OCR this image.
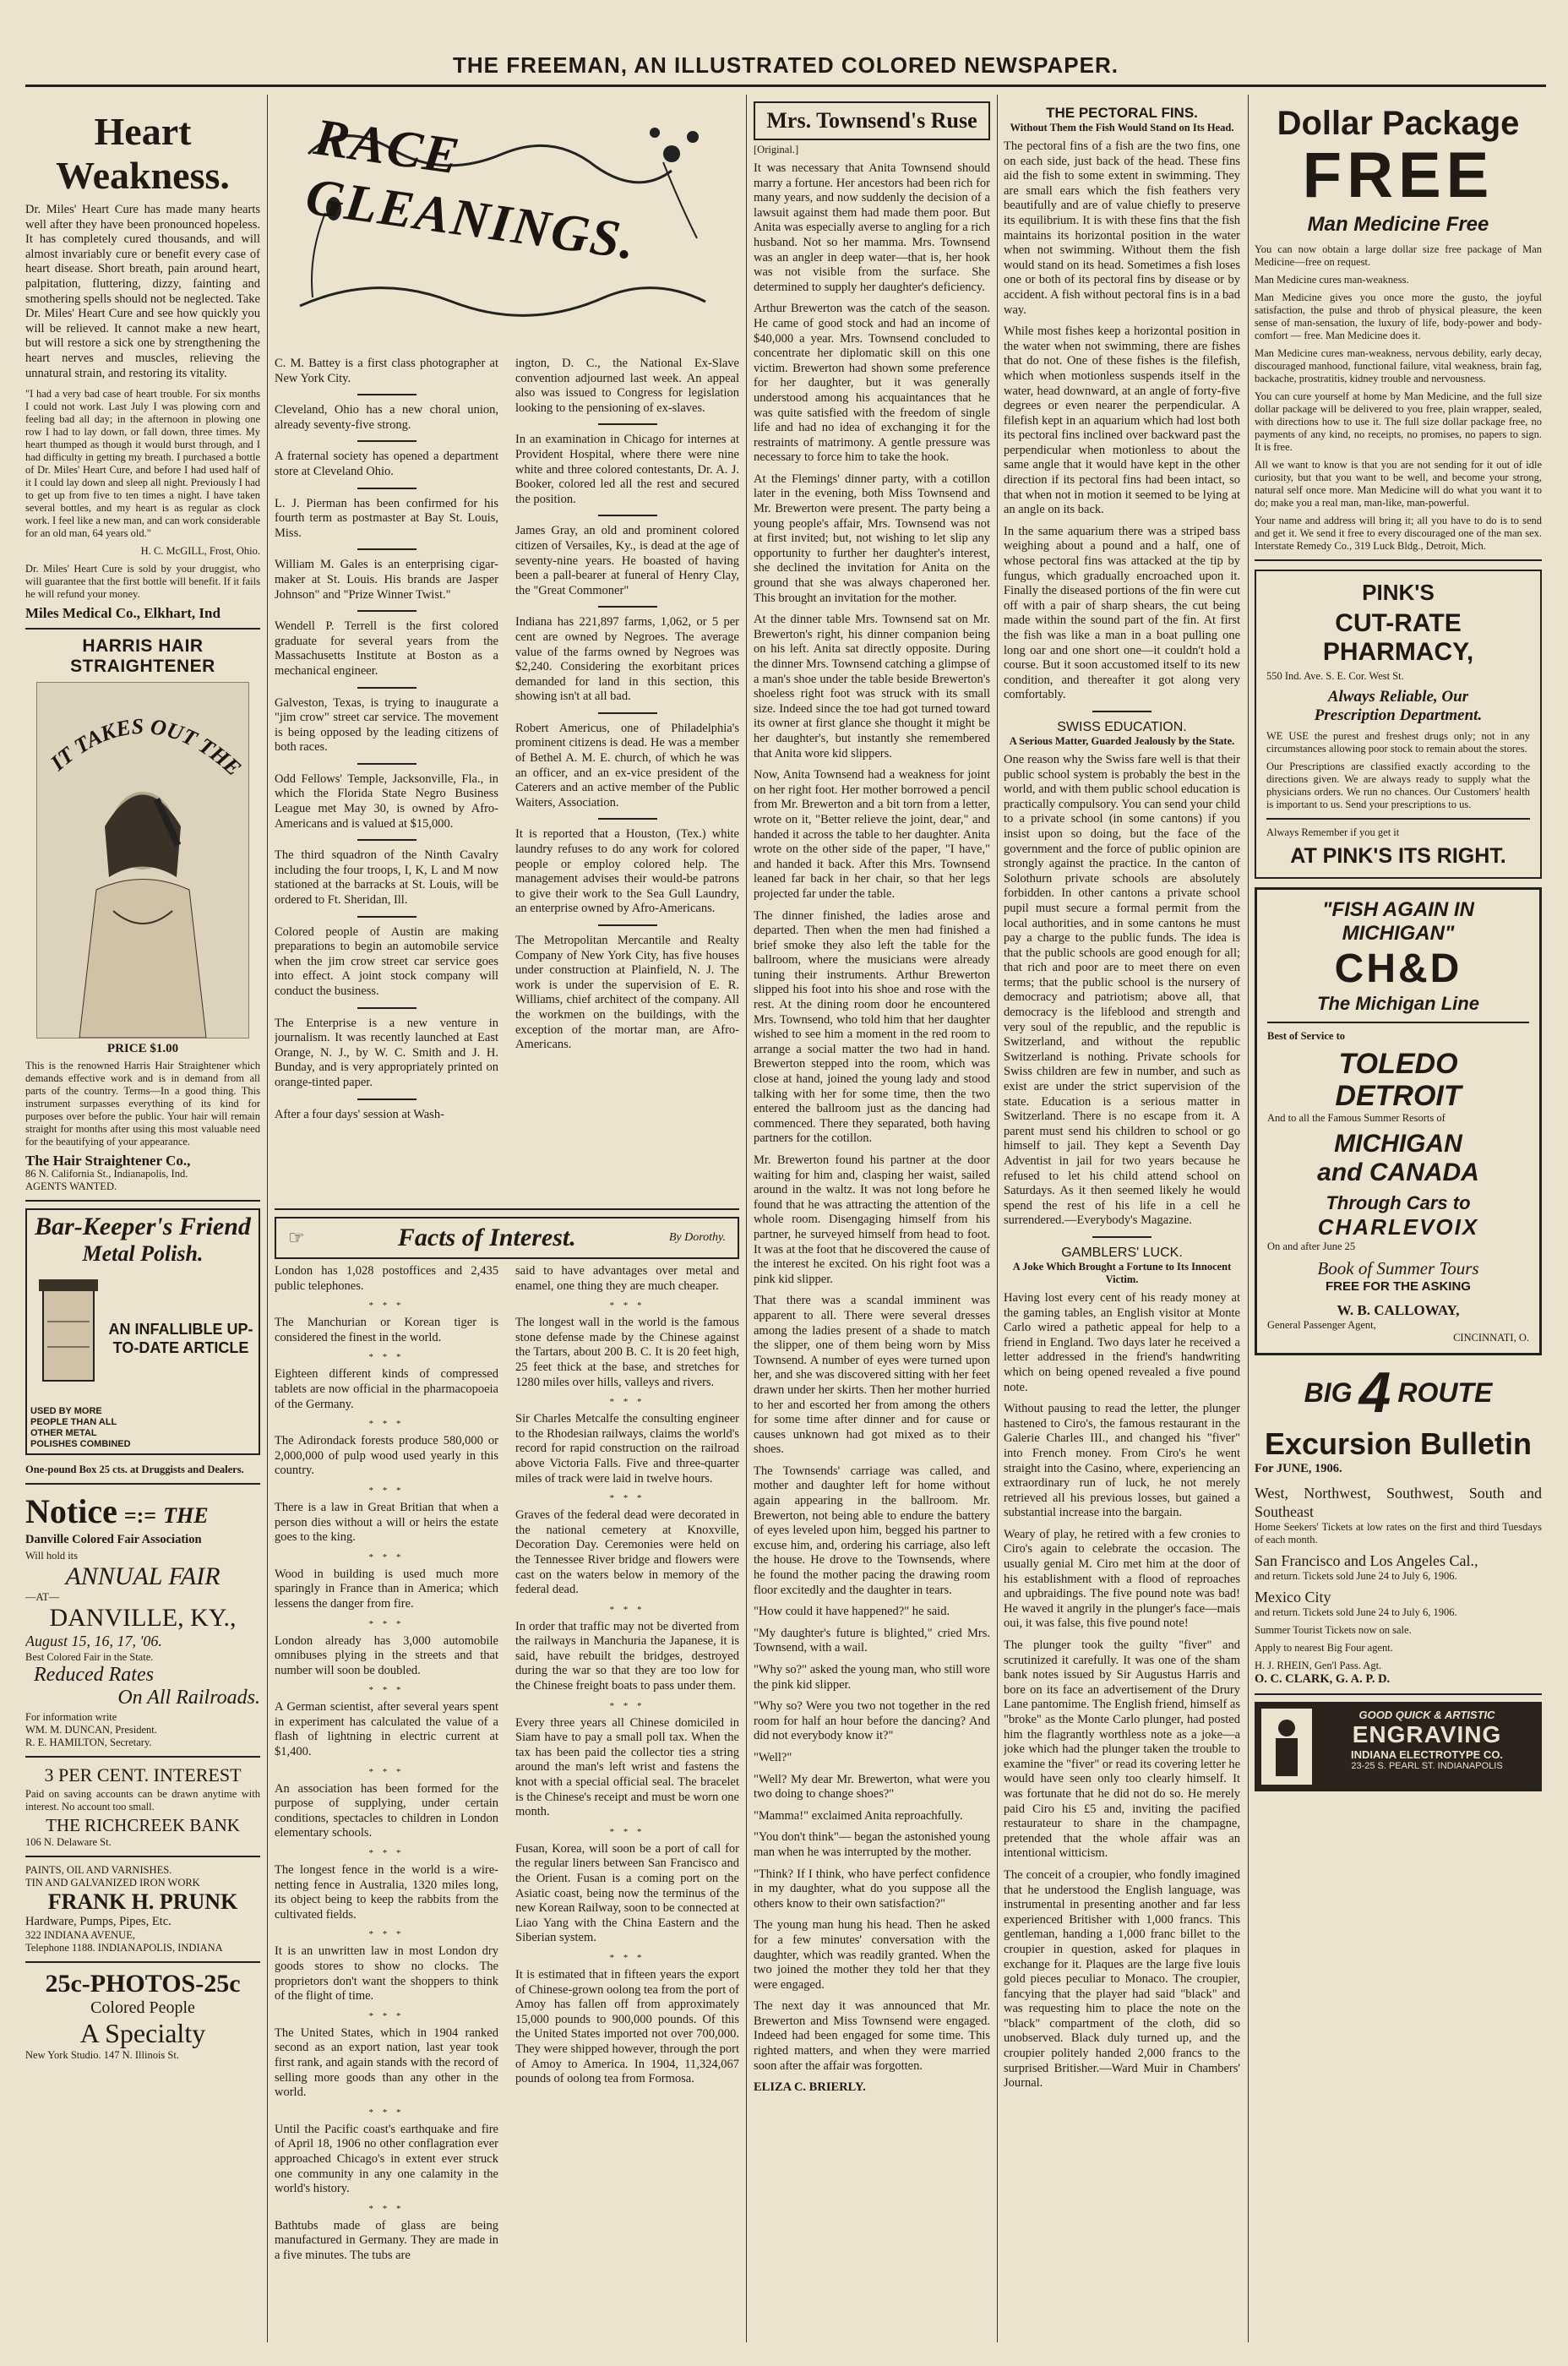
THE FREEMAN, AN ILLUSTRATED COLORED NEWSPAPER.
Heart Weakness.

Dr. Miles' Heart Cure has made many hearts well after they have been pronounced hopeless. It has completely cured thousands, and will almost invariably cure or benefit every case of heart disease. Short breath, pain around heart, palpitation, fluttering, dizzy, fainting and smothering spells should not be neglected. Take Dr. Miles' Heart Cure and see how quickly you will be relieved. It cannot make a new heart, but will restore a sick one by strengthening the heart nerves and muscles, relieving the unnatural strain, and restoring its vitality.

"I had a very bad case of heart trouble. For six months I could not work. Last July I was plowing corn and feeling bad all day; in the afternoon in plowing one row I had to lay down, or fall down, three times. My heart thumped as though it would burst through, and I had difficulty in getting my breath. I purchased a bottle of Dr. Miles' Heart Cure, and before I had used half of it I could lay down and sleep all night. Previously I had to get up from five to ten times a night. I have taken several bottles, and my heart is as regular as clock work. I feel like a new man, and can work considerable for an old man, 64 years old."

H. C. McGILL, Frost, Ohio.

Dr. Miles' Heart Cure is sold by your druggist, who will guarantee that the first bottle will benefit. If it fails he will refund your money.

Miles Medical Co., Elkhart, Ind

HARRIS HAIR STRAIGHTENER
IT TAKES OUT THE
PRICE $1.00

This is the renowned Harris Hair Straightener which demands effective work and is in demand from all parts of the country. Terms—In a good thing. This instrument surpasses everything of its kind for purposes over before the public. Your hair will remain straight for months after using this most valuable need for the beautifying of your appearance.

The Hair Straightener Co.,

86 N. California St., Indianapolis, Ind.

AGENTS WANTED.

Bar-Keeper's Friend
Metal Polish.
AN INFALLIBLE UP-TO-DATE ARTICLE
USED BY MORE PEOPLE THAN ALL OTHER METAL POLISHES COMBINED

One-pound Box 25 cts. at Druggists and Dealers.

Notice =:= THE

Danville Colored Fair Association

Will hold its

ANNUAL FAIR

—AT—

DANVILLE, KY.,

August 15, 16, 17, '06.

Best Colored Fair in the State.

Reduced Rates
On All Railroads.

For information write

WM. M. DUNCAN, President.

R. E. HAMILTON, Secretary.

3 PER CENT. INTEREST

Paid on saving accounts can be drawn anytime with interest. No account too small.

THE RICHCREEK BANK

106 N. Delaware St.

PAINTS, OIL AND VARNISHES.

TIN AND GALVANIZED IRON WORK

FRANK H. PRUNK

Hardware, Pumps, Pipes, Etc.

322 INDIANA AVENUE,

Telephone 1188. INDIANAPOLIS, INDIANA

25c-PHOTOS-25c
Colored People
A Specialty

New York Studio. 147 N. Illinois St.

RACE GLEANINGS.

C. M. Battey is a first class photographer at New York City.

Cleveland, Ohio has a new choral union, already seventy-five strong.

A fraternal society has opened a department store at Cleveland Ohio.

L. J. Pierman has been confirmed for his fourth term as postmaster at Bay St. Louis, Miss.

William M. Gales is an enterprising cigar-maker at St. Louis. His brands are Jasper Johnson" and "Prize Winner Twist."

Wendell P. Terrell is the first colored graduate for several years from the Massachusetts Institute at Boston as a mechanical engineer.

Galveston, Texas, is trying to inaugurate a "jim crow" street car service. The movement is being opposed by the leading citizens of both races.

Odd Fellows' Temple, Jacksonville, Fla., in which the Florida State Negro Business League met May 30, is owned by Afro-Americans and is valued at $15,000.

The third squadron of the Ninth Cavalry including the four troops, I, K, L and M now stationed at the barracks at St. Louis, will be ordered to Ft. Sheridan, Ill.

Colored people of Austin are making preparations to begin an automobile service when the jim crow street car service goes into effect. A joint stock company will conduct the business.

The Enterprise is a new venture in journalism. It was recently launched at East Orange, N. J., by W. C. Smith and J. H. Bunday, and is very appropriately printed on orange-tinted paper.

After a four days' session at Wash-

ington, D. C., the National Ex-Slave convention adjourned last week. An appeal also was issued to Congress for legislation looking to the pensioning of ex-slaves.

In an examination in Chicago for internes at Provident Hospital, where there were nine white and three colored contestants, Dr. A. J. Booker, colored led all the rest and secured the position.

James Gray, an old and prominent colored citizen of Versailes, Ky., is dead at the age of seventy-nine years. He boasted of having been a pall-bearer at funeral of Henry Clay, the "Great Commoner"

Indiana has 221,897 farms, 1,062, or 5 per cent are owned by Negroes. The average value of the farms owned by Negroes was $2,240. Considering the exorbitant prices demanded for land in this section, this showing isn't at all bad.

Robert Americus, one of Philadelphia's prominent citizens is dead. He was a member of Bethel A. M. E. church, of which he was an officer, and an ex-vice president of the Caterers and an active member of the Public Waiters, Association.

It is reported that a Houston, (Tex.) white laundry refuses to do any work for colored people or employ colored help. The management advises their would-be patrons to give their work to the Sea Gull Laundry, an enterprise owned by Afro-Americans.

The Metropolitan Mercantile and Realty Company of New York City, has five houses under construction at Plainfield, N. J. The work is under the supervision of E. R. Williams, chief architect of the company. All the workmen on the buildings, with the exception of the mortar man, are Afro-Americans.

☞	Facts of Interest.	By Dorothy.

London has 1,028 postoffices and 2,435 public telephones.

* * *

The Manchurian or Korean tiger is considered the finest in the world.

* * *

Eighteen different kinds of compressed tablets are now official in the pharmacopoeia of the Germany.

* * *

The Adirondack forests produce 580,000 or 2,000,000 of pulp wood used yearly in this country.

* * *

There is a law in Great Britian that when a person dies without a will or heirs the estate goes to the king.

* * *

Wood in building is used much more sparingly in France than in America; which lessens the danger from fire.

* * *

London already has 3,000 automobile omnibuses plying in the streets and that number will soon be doubled.

* * *

A German scientist, after several years spent in experiment has calculated the value of a flash of lightning in electric current at $1,400.

* * *

An association has been formed for the purpose of supplying, under certain conditions, spectacles to children in London elementary schools.

* * *

The longest fence in the world is a wire-netting fence in Australia, 1320 miles long, its object being to keep the rabbits from the cultivated fields.

* * *

It is an unwritten law in most London dry goods stores to show no clocks. The proprietors don't want the shoppers to think of the flight of time.

* * *

The United States, which in 1904 ranked second as an export nation, last year took first rank, and again stands with the record of selling more goods than any other in the world.

* * *

Until the Pacific coast's earthquake and fire of April 18, 1906 no other conflagration ever approached Chicago's in extent ever struck one community in any one calamity in the world's history.

* * *

Bathtubs made of glass are being manufactured in Germany. They are made in a five minutes. The tubs are

said to have advantages over metal and enamel, one thing they are much cheaper.

* * *

The longest wall in the world is the famous stone defense made by the Chinese against the Tartars, about 200 B. C. It is 20 feet high, 25 feet thick at the base, and stretches for 1280 miles over hills, valleys and rivers.

* * *

Sir Charles Metcalfe the consulting engineer to the Rhodesian railways, claims the world's record for rapid construction on the railroad above Victoria Falls. Five and three-quarter miles of track were laid in twelve hours.

* * *

Graves of the federal dead were decorated in the national cemetery at Knoxville, Decoration Day. Ceremonies were held on the Tennessee River bridge and flowers were cast on the waters below in memory of the federal dead.

* * *

In order that traffic may not be diverted from the railways in Manchuria the Japanese, it is said, have rebuilt the bridges, destroyed during the war so that they are too low for the Chinese freight boats to pass under them.

* * *

Every three years all Chinese domiciled in Siam have to pay a small poll tax. When the tax has been paid the collector ties a string around the man's left wrist and fastens the knot with a special official seal. The bracelet is the Chinese's receipt and must be worn one month.

* * *

Fusan, Korea, will soon be a port of call for the regular liners between San Francisco and the Orient. Fusan is a coming port on the Asiatic coast, being now the terminus of the new Korean Railway, soon to be connected at Liao Yang with the China Eastern and the Siberian system.

* * *

It is estimated that in fifteen years the export of Chinese-grown oolong tea from the port of Amoy has fallen off from approximately 15,000 pounds to 900,000 pounds. Of this the United States imported not over 700,000. They were shipped however, through the port of Amoy to America. In 1904, 11,324,067 pounds of oolong tea from Formosa.

Mrs. Townsend's Ruse

[Original.]

It was necessary that Anita Townsend should marry a fortune. Her ancestors had been rich for many years, and now suddenly the decision of a lawsuit against them had made them poor. But Anita was especially averse to angling for a rich husband. Not so her mamma. Mrs. Townsend was an angler in deep water—that is, her hook was not visible from the surface. She determined to supply her daughter's deficiency.

Arthur Brewerton was the catch of the season. He came of good stock and had an income of $40,000 a year. Mrs. Townsend concluded to concentrate her diplomatic skill on this one victim. Brewerton had shown some preference for her daughter, but it was generally understood among his acquaintances that he was quite satisfied with the freedom of single life and had no idea of exchanging it for the restraints of matrimony. A gentle pressure was necessary to force him to take the hook.

At the Flemings' dinner party, with a cotillon later in the evening, both Miss Townsend and Mr. Brewerton were present. The party being a young people's affair, Mrs. Townsend was not at first invited; but, not wishing to let slip any opportunity to further her daughter's interest, she declined the invitation for Anita on the ground that she was always chaperoned her. This brought an invitation for the mother.

At the dinner table Mrs. Townsend sat on Mr. Brewerton's right, his dinner companion being on his left. Anita sat directly opposite. During the dinner Mrs. Townsend catching a glimpse of a man's shoe under the table beside Brewerton's shoeless right foot was struck with its small size. Indeed since the toe had got turned toward its owner at first glance she thought it might be her daughter's, but instantly she remembered that Anita wore kid slippers.

Now, Anita Townsend had a weakness for joint on her right foot. Her mother borrowed a pencil from Mr. Brewerton and a bit torn from a letter, wrote on it, "Better relieve the joint, dear," and handed it across the table to her daughter. Anita wrote on the other side of the paper, "I have," and handed it back. After this Mrs. Townsend leaned far back in her chair, so that her legs projected far under the table.

The dinner finished, the ladies arose and departed. Then when the men had finished a brief smoke they also left the table for the ballroom, where the musicians were already tuning their instruments. Arthur Brewerton slipped his foot into his shoe and rose with the rest. At the dining room door he encountered Mrs. Townsend, who told him that her daughter wished to see him a moment in the red room to arrange a social matter the two had in hand. Brewerton stepped into the room, which was close at hand, joined the young lady and stood talking with her for some time, then the two entered the ballroom just as the dancing had commenced. There they separated, both having partners for the cotillon.

Mr. Brewerton found his partner at the door waiting for him and, clasping her waist, sailed around in the waltz. It was not long before he found that he was attracting the attention of the whole room. Disengaging himself from his partner, he surveyed himself from head to foot. It was at the foot that he discovered the cause of the interest he excited. On his right foot was a pink kid slipper.

That there was a scandal imminent was apparent to all. There were several dresses among the ladies present of a shade to match the slipper, one of them being worn by Miss Townsend. A number of eyes were turned upon her, and she was discovered sitting with her feet drawn under her skirts. Then her mother hurried to her and escorted her from among the others for some time after dinner and for cause or causes unknown had got mixed as to their shoes.

The Townsends' carriage was called, and mother and daughter left for home without again appearing in the ballroom. Mr. Brewerton, not being able to endure the battery of eyes leveled upon him, begged his partner to excuse him, and, ordering his carriage, also left the house. He drove to the Townsends, where he found the mother pacing the drawing room floor excitedly and the daughter in tears.

"How could it have happened?" he said.

"My daughter's future is blighted," cried Mrs. Townsend, with a wail.

"Why so?" asked the young man, who still wore the pink kid slipper.

"Why so? Were you two not together in the red room for half an hour before the dancing? And did not everybody know it?"

"Well?"

"Well? My dear Mr. Brewerton, what were you two doing to change shoes?"

"Mamma!" exclaimed Anita reproachfully.

"You don't think"— began the astonished young man when he was interrupted by the mother.

"Think? If I think, who have perfect confidence in my daughter, what do you suppose all the others know to their own satisfaction?"

The young man hung his head. Then he asked for a few minutes' conversation with the daughter, which was readily granted. When the two joined the mother they told her that they were engaged.

The next day it was announced that Mr. Brewerton and Miss Townsend were engaged. Indeed had been engaged for some time. This righted matters, and when they were married soon after the affair was forgotten.

ELIZA C. BRIERLY.

THE PECTORAL FINS.

Without Them the Fish Would Stand on Its Head.

The pectoral fins of a fish are the two fins, one on each side, just back of the head. These fins aid the fish to some extent in swimming. They are small ears which the fish feathers very beautifully and are of value chiefly to preserve its equilibrium. It is with these fins that the fish maintains its horizontal position in the water when not swimming. Without them the fish would stand on its head. Sometimes a fish loses one or both of its pectoral fins by disease or by accident. A fish without pectoral fins is in a bad way.

While most fishes keep a horizontal position in the water when not swimming, there are fishes that do not. One of these fishes is the filefish, which when motionless suspends itself in the water, head downward, at an angle of forty-five degrees or even nearer the perpendicular. A filefish kept in an aquarium which had lost both its pectoral fins inclined over backward past the perpendicular when motionless to about the same angle that it would have kept in the other direction if its pectoral fins had been intact, so that when not in motion it seemed to be lying at an angle on its back.

In the same aquarium there was a striped bass weighing about a pound and a half, one of whose pectoral fins was attacked at the tip by fungus, which gradually encroached upon it. Finally the diseased portions of the fin were cut off with a pair of sharp shears, the cut being made within the sound part of the fin. At first the fish was like a man in a boat pulling one long oar and one short one—it couldn't hold a course. But it soon accustomed itself to its new condition, and thereafter it got along very comfortably.

SWISS EDUCATION.

A Serious Matter, Guarded Jealously by the State.

One reason why the Swiss fare well is that their public school system is probably the best in the world, and with them public school education is practically compulsory. You can send your child to a private school (in some cantons) if you insist upon so doing, but the face of the government and the force of public opinion are strongly against the practice. In the canton of Solothurn private schools are absolutely forbidden. In other cantons a private school pupil must secure a formal permit from the local authorities, and in some cantons he must pay a charge to the public funds. The idea is that the public schools are good enough for all; that rich and poor are to meet there on even terms; that the public school is the nursery of democracy and patriotism; above all, that democracy is the lifeblood and strength and very soul of the republic, and the republic is Switzerland, and without the republic Switzerland is nothing. Private schools for Swiss children are few in number, and such as exist are under the strict supervision of the state. Education is a serious matter in Switzerland. There is no escape from it. A parent must send his children to school or go himself to jail. They kept a Seventh Day Adventist in jail for two years because he refused to let his child attend school on Saturdays. As it then seemed likely he would spend the rest of his life in a cell he surrendered.—Everybody's Magazine.

GAMBLERS' LUCK.

A Joke Which Brought a Fortune to Its Innocent Victim.

Having lost every cent of his ready money at the gaming tables, an English visitor at Monte Carlo wired a pathetic appeal for help to a friend in England. Two days later he received a letter addressed in the friend's handwriting which on being opened revealed a five pound note.

Without pausing to read the letter, the plunger hastened to Ciro's, the famous restaurant in the Galerie Charles III., and changed his "fiver" into French money. From Ciro's he went straight into the Casino, where, experiencing an extraordinary run of luck, he not merely retrieved all his previous losses, but gained a substantial increase into the bargain.

Weary of play, he retired with a few cronies to Ciro's again to celebrate the occasion. The usually genial M. Ciro met him at the door of his establishment with a flood of reproaches and upbraidings. The five pound note was bad! He waved it angrily in the plunger's face—mais oui, it was false, this five pound note!

The plunger took the guilty "fiver" and scrutinized it carefully. It was one of the sham bank notes issued by Sir Augustus Harris and bore on its face an advertisement of the Drury Lane pantomime. The English friend, himself as "broke" as the Monte Carlo plunger, had posted him the flagrantly worthless note as a joke—a joke which had the plunger taken the trouble to examine the "fiver" or read its covering letter he would have seen only too clearly himself. It was fortunate that he did not do so. He merely paid Ciro his £5 and, inviting the pacified restaurateur to share in the champagne, pretended that the whole affair was an intentional witticism.

The conceit of a croupier, who fondly imagined that he understood the English language, was instrumental in presenting another and far less experienced Britisher with 1,000 francs. This gentleman, handing a 1,000 franc billet to the croupier in question, asked for plaques in exchange for it. Plaques are the large five louis gold pieces peculiar to Monaco. The croupier, fancying that the player had said "black" and was requesting him to place the note on the "black" compartment of the cloth, did so unobserved. Black duly turned up, and the croupier politely handed 2,000 francs to the surprised Britisher.—Ward Muir in Chambers' Journal.

Dollar Package
FREE
Man Medicine Free

You can now obtain a large dollar size free package of Man Medicine—free on request.

Man Medicine cures man-weakness.

Man Medicine gives you once more the gusto, the joyful satisfaction, the pulse and throb of physical pleasure, the keen sense of man-sensation, the luxury of life, body-power and body-comfort — free. Man Medicine does it.

Man Medicine cures man-weakness, nervous debility, early decay, discouraged manhood, functional failure, vital weakness, brain fag, backache, prostratitis, kidney trouble and nervousness.

You can cure yourself at home by Man Medicine, and the full size dollar package will be delivered to you free, plain wrapper, sealed, with directions how to use it. The full size dollar package free, no payments of any kind, no receipts, no promises, no papers to sign. It is free.

All we want to know is that you are not sending for it out of idle curiosity, but that you want to be well, and become your strong, natural self once more. Man Medicine will do what you want it to do; make you a real man, man-like, man-powerful.

Your name and address will bring it; all you have to do is to send and get it. We send it free to every discouraged one of the man sex. Interstate Remedy Co., 319 Luck Bldg., Detroit, Mich.

PINK'S
CUT-RATE PHARMACY,

550 Ind. Ave. S. E. Cor. West St.

Always Reliable, Our
Prescription Department.

WE USE the purest and freshest drugs only; not in any circumstances allowing poor stock to remain about the stores.

Our Prescriptions are classified exactly according to the directions given. We are always ready to supply what the physicians orders. We run no chances. Our Customers' health is important to us. Send your prescriptions to us.

Always Remember if you get it

AT PINK'S ITS RIGHT.
"FISH AGAIN IN MICHIGAN"
CH&D
The Michigan Line

Best of Service to

TOLEDO
DETROIT

And to all the Famous Summer Resorts of

MICHIGAN
and CANADA
Through Cars to
CHARLEVOIX

On and after June 25

Book of Summer Tours
FREE FOR THE ASKING
W. B. CALLOWAY,

General Passenger Agent,

CINCINNATI, O.

BIG 4 ROUTE
Excursion Bulletin

For JUNE, 1906.

West, Northwest, Southwest, South and Southeast

Home Seekers' Tickets at low rates on the first and third Tuesdays of each month.

San Francisco and Los Angeles Cal.,

and return. Tickets sold June 24 to July 6, 1906.

Mexico City

and return. Tickets sold June 24 to July 6, 1906.

Summer Tourist Tickets now on sale.

Apply to nearest Big Four agent.

H. J. RHEIN, Gen'l Pass. Agt.

O. C. CLARK, G. A. P. D.

GOOD QUICK & ARTISTIC
ENGRAVING
INDIANA ELECTROTYPE CO.
23-25 S. PEARL ST. INDIANAPOLIS
